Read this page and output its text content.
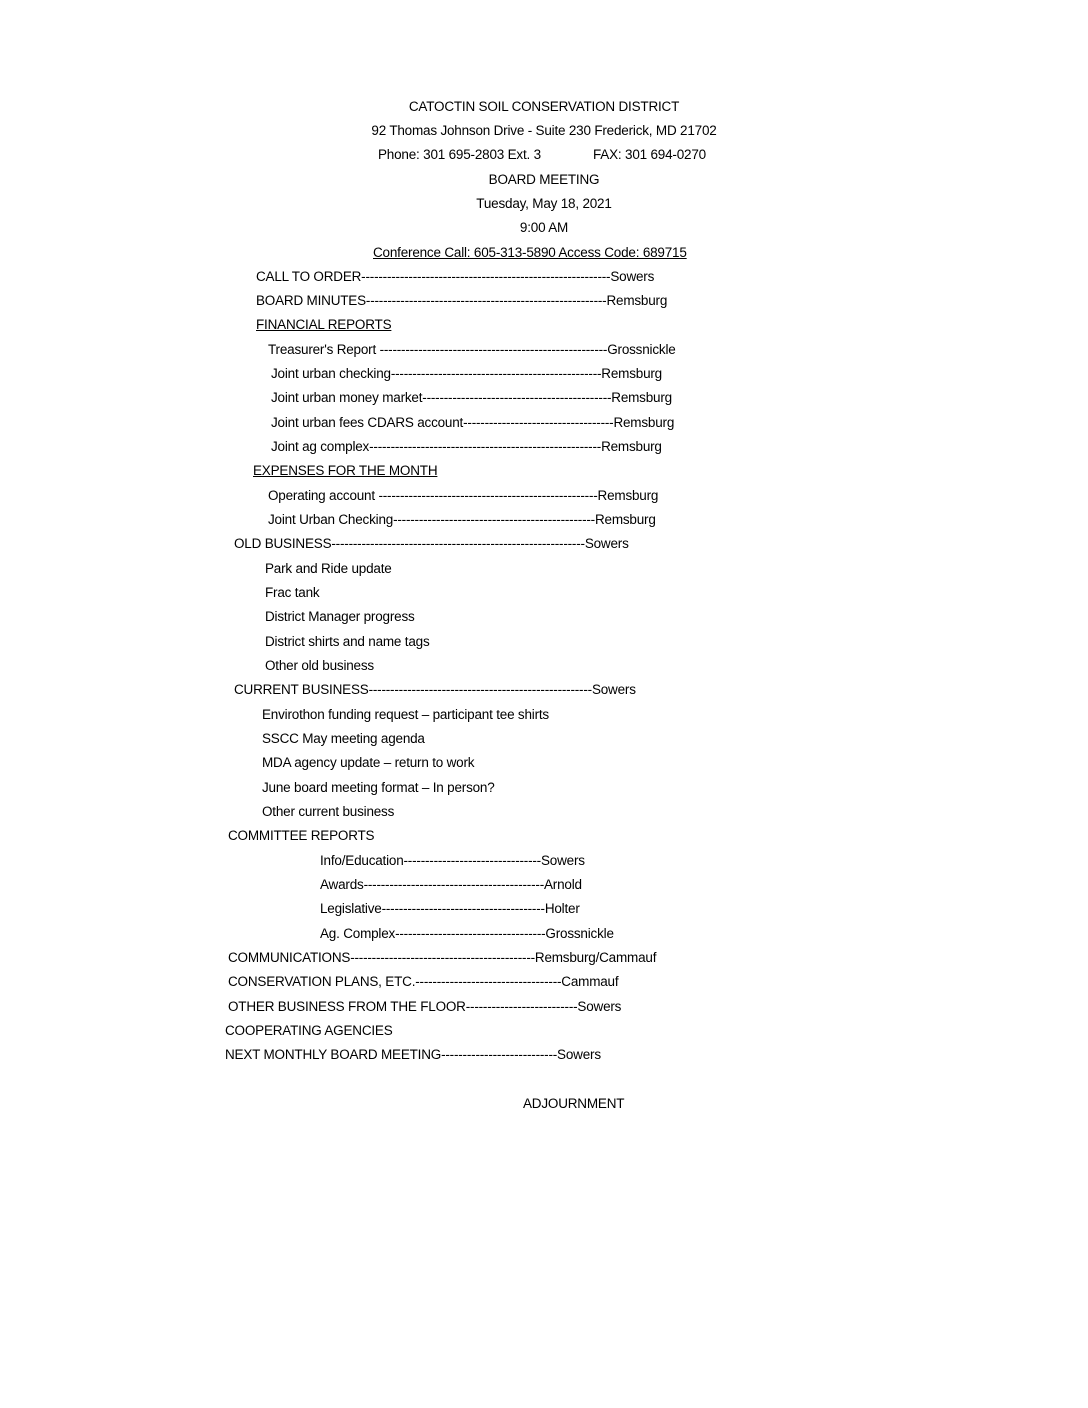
CATOCTIN SOIL CONSERVATION DISTRICT
92 Thomas Johnson Drive - Suite 230 Frederick, MD 21702
Phone: 301 695-2803 Ext. 3	FAX: 301 694-0270
BOARD MEETING
Tuesday, May 18, 2021
9:00 AM
Conference Call: 605-313-5890 Access Code: 689715
CALL TO ORDER----------------------------------------------------------Sowers
BOARD MINUTES--------------------------------------------------------Remsburg
FINANCIAL REPORTS
Treasurer's Report -----------------------------------------------------Grossnickle
Joint urban checking-------------------------------------------------Remsburg
Joint urban money market--------------------------------------------Remsburg
Joint urban fees CDARS account-----------------------------------Remsburg
Joint ag complex------------------------------------------------------Remsburg
EXPENSES FOR THE MONTH
Operating account ---------------------------------------------------Remsburg
Joint Urban Checking-----------------------------------------------Remsburg
OLD BUSINESS-----------------------------------------------------------Sowers
Park and Ride update
Frac tank
District Manager progress
District shirts and name tags
Other old business
CURRENT BUSINESS----------------------------------------------------Sowers
Envirothon funding request – participant tee shirts
SSCC May meeting agenda
MDA agency update – return to work
June board meeting format – In person?
Other current business
COMMITTEE REPORTS
Info/Education--------------------------------Sowers
Awards------------------------------------------Arnold
Legislative--------------------------------------Holter
Ag. Complex-----------------------------------Grossnickle
COMMUNICATIONS-------------------------------------------Remsburg/Cammauf
CONSERVATION PLANS, ETC.----------------------------------Cammauf
OTHER BUSINESS FROM THE FLOOR--------------------------Sowers
COOPERATING AGENCIES
NEXT MONTHLY BOARD MEETING---------------------------Sowers
ADJOURNMENT
